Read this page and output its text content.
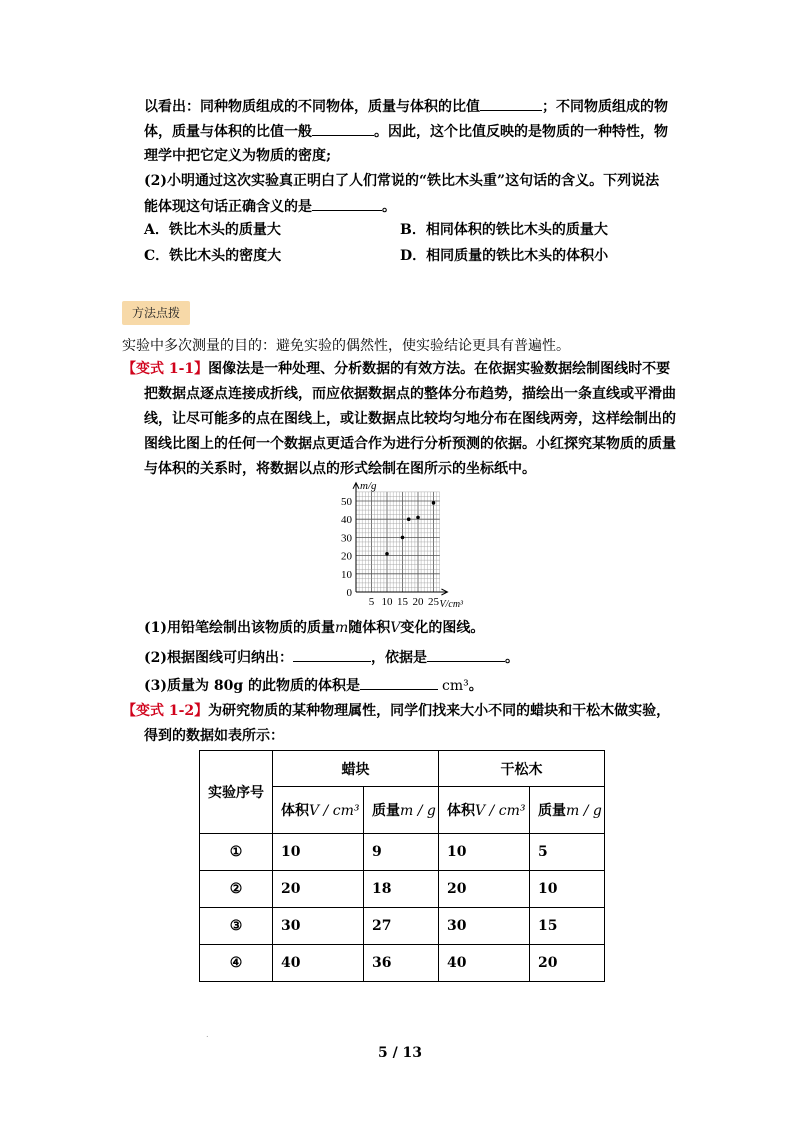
以看出：同种物质组成的不同物体，质量与体积的比值	；不同物质组成的物
体，质量与体积的比值一般	。因此，这个比值反映的是物质的一种特性，物
理学中把它定义为物质的密度;
(2)小明通过这次实验真正明白了人们常说的“铁比木头重”这句话的含义。下列说法
能体现这句话正确含义的是	。
A．铁比木头的质量大	B．相同体积的铁比木头的质量大
C．铁比木头的密度大	D．相同质量的铁比木头的体积小
方法点拨
实验中多次测量的目的：避免实验的偶然性，使实验结论更具有普遍性。
【变式 1-1】图像法是一种处理、分析数据的有效方法。在依据实验数据绘制图线时不要
把数据点逐点连接成折线，而应依据数据点的整体分布趋势，描绘出一条直线或平滑曲
线，让尽可能多的点在图线上，或让数据点比较均匀地分布在图线两旁，这样绘制出的
图线比图上的任何一个数据点更适合作为进行分析预测的依据。小红探究某物质的质量
与体积的关系时，将数据以点的形式绘制在图所示的坐标纸中。
5 10 15 20 25
10
20
30
40
50
0
m/g
V/cm³
(1)用铅笔绘制出该物质的质量m随体积V变化的图线。
(2)根据图线可归纳出：	，依据是	。
(3)质量为 80g 的此物质的体积是	cm³。
【变式 1-2】为研究物质的某种物理属性，同学们找来大小不同的蜡块和干松木做实验，
得到的数据如表所示：
实验序号	蜡块		干松木	
	体积V / cm³	质量m / g	体积V / cm³	质量m / g
①	10	9	10	5
②	20	18	20	10
③	30	27	30	15
④	40	36	40	20
.
5 / 13
